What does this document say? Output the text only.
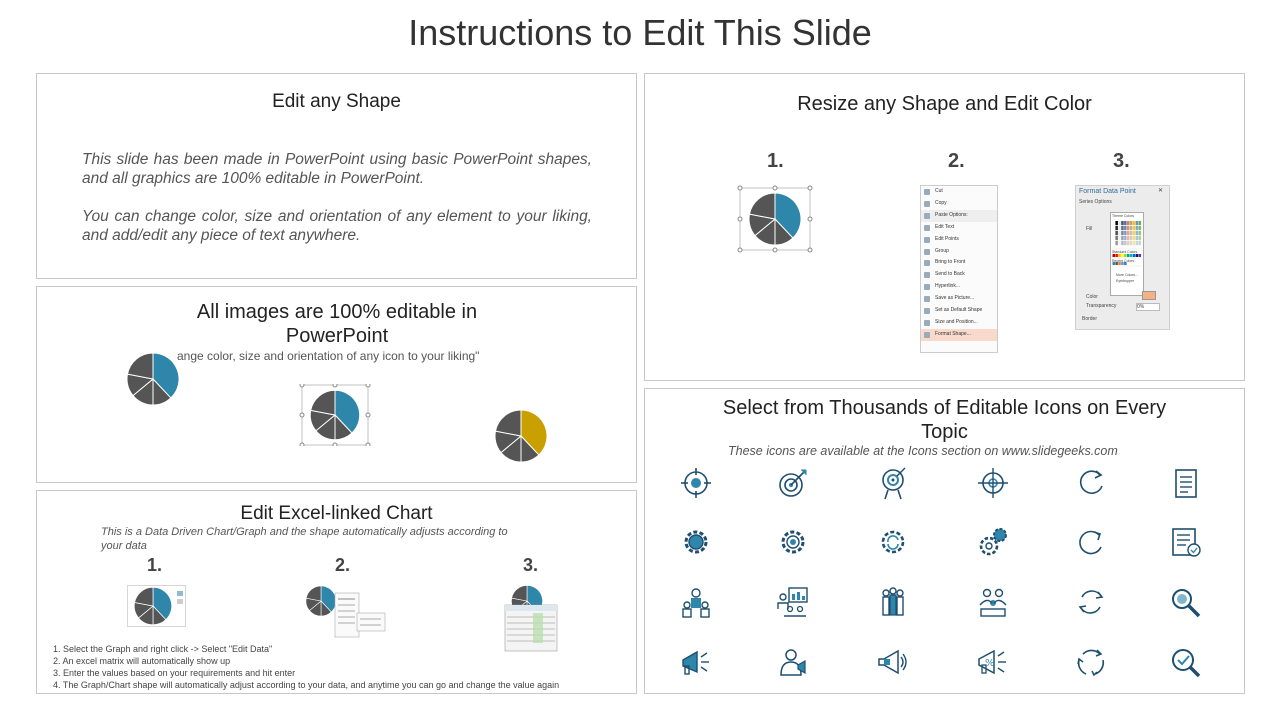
Instructions to Edit This Slide
Edit any Shape
This slide has been made in PowerPoint using basic PowerPoint shapes, and all graphics are 100% editable in PowerPoint.
You can change color, size and orientation of any element to your liking, and add/edit any piece of text anywhere.
All images are 100% editable in
PowerPoint
ange color, size and orientation of any icon to your liking"
Edit Excel-linked Chart
This is a Data Driven Chart/Graph and the shape automatically adjusts according to
your data
1.	2.	3.
1. Select the Graph and right click -> Select "Edit Data"
2. An excel matrix will automatically show up
3. Enter the values based on your requirements and hit enter
4. The Graph/Chart shape will automatically adjust according to your data, and anytime you can go and change the value again
Resize any Shape and Edit Color
1.	2.	3.
Cut
Copy
Paste Options:
Edit Text
Edit Points
Group
Bring to Front
Send to Back
Hyperlink...
Save as Picture...
Set as Default Shape
Size and Position...
Format Shape...
Format Data Point	✕
Series Options
Fill
Theme Colors
Standard Colors
Recent Colors
More Colors...
Eyedropper
Color
Transparency	0%
Border
Select from Thousands of Editable Icons on Every
Topic
These icons are available at the Icons section on www.slidegeeks.com
%
